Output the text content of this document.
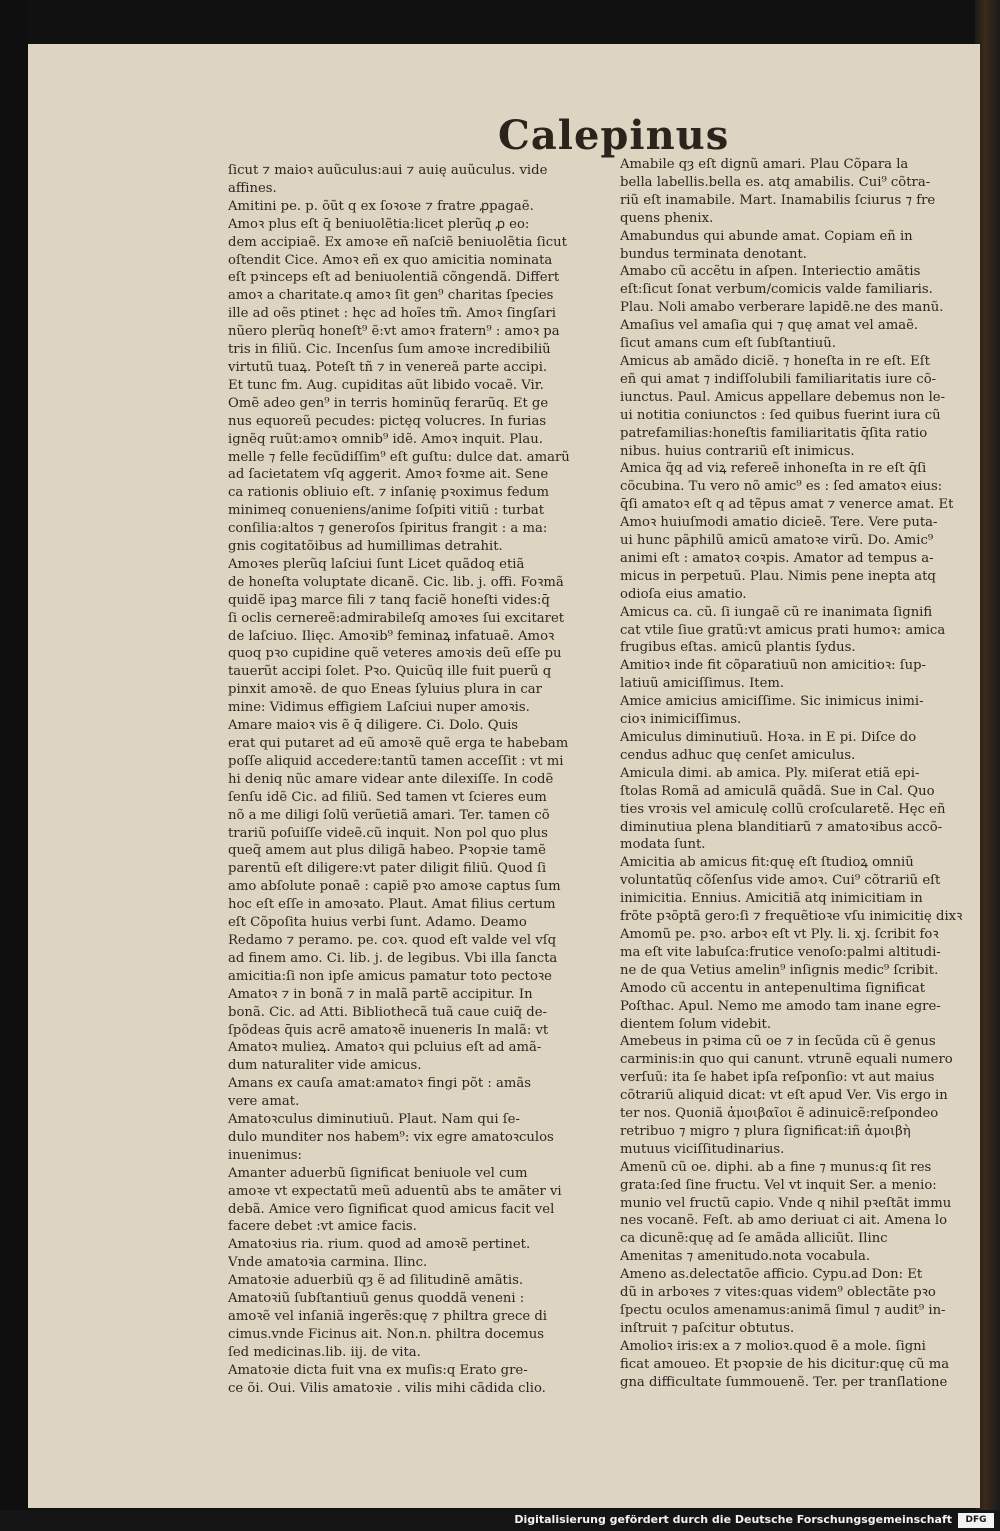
Calepinus
ſicut ⁊ maioꝛ auũculus:aui ⁊ auię auũculus. vide
affines.
Amitini pe. p. õũt q ex ſoꝛoꝛe ⁊ fratre ꝓpagaẽ.
Amoꝛ plus eſt q̄ beniuolẽtia:licet plerũq ꝓ eo:
dem accipiaẽ. Ex amoꝛe eñ naſciẽ beniuolẽtia ſicut
oſtendit Cice. Amoꝛ eñ ex quo amicitia nominata
eſt pꝛinceps eſt ad beniuolentiã cõngendã. Differt
amoꝛ a charitate.q amoꝛ ſit gen⁹ charitas ſpecies
ille ad oẽs ptinet : hęc ad hoĩes tm̃. Amoꝛ ſingſari
nũero plerũq honeſt⁹ ẽ:vt amoꝛ fratern⁹ : amoꝛ pa
tris in filiũ. Cic. Incenſus ſum amoꝛe incredibiliũ
virtutũ tuaꝝ. Poteſt tñ ⁊ in venereã parte accipi.
Et tunc fm. Aug. cupiditas aũt libido vocaẽ. Vir.
Omẽ adeo gen⁹ in terris hominũq ferarũq. Et ge
nus equoreũ pecudes: pictęq volucres. In furias
ignẽq ruũt:amoꝛ omnib⁹ idẽ. Amoꝛ inquit. Plau.
melle ⁊ felle fecũdiſſim⁹ eſt guſtu: dulce dat. amarũ
ad ſacietatem vſq aggerit. Amoꝛ foꝛme ait. Sene
ca rationis obliuio eſt. ⁊ inſanię pꝛoximus fedum
minimeq conueniens/anime ſoſpiti vitiũ : turbat
conſilia:altos ⁊ generoſos ſpiritus frangit : a ma:
gnis cogitatõibus ad humillimas detrahit.
Amoꝛes plerũq laſciui ſunt Licet quãdoq etiã
de honeſta voluptate dicanẽ. Cic. lib. j. offi. Foꝛmã
quidẽ ipaꝫ marce fili ⁊ tanq faciẽ honeſti vides:q̄
ſi oclis cernereẽ:admirabileſq amoꝛes ſui excitaret
de laſciuo. Ilięc. Amoꝛib⁹ feminaꝝ infatuaẽ. Amoꝛ
quoq pꝛo cupidine quẽ veteres amoꝛis deũ eſſe pu
tauerũt accipi ſolet. Pꝛo. Quicũq ille fuit puerũ q
pinxit amoꝛẽ. de quo Eneas ſyluius plura in car
mine: Vidimus effigiem Laſciui nuper amoꝛis.
Amare maioꝛ vis ẽ q̄ diligere. Ci. Dolo. Quis
erat qui putaret ad eũ amoꝛẽ quẽ erga te habebam
poſſe aliquid accedere:tantũ tamen acceſſit : vt mi
hi deniq nũc amare videar ante dilexiſſe. In codẽ
ſenſu idẽ Cic. ad filiũ. Sed tamen vt ſcieres eum
nõ a me diligi ſolũ verũetiã amari. Ter. tamen cõ
trariũ poſuiſſe videẽ.cũ inquit. Non pol quo plus
queq̃ amem aut plus diligã habeo. Pꝛopꝛie tamẽ
parentũ eſt diligere:vt pater diligit filiũ. Quod ſi
amo abſolute ponaẽ : capiẽ pꝛo amoꝛe captus ſum
hoc eſt eſſe in amoꝛato. Plaut. Amat filius certum
eſt Cõpoſita huius verbi ſunt. Adamo. Deamo
Redamo ⁊ peramo. pe. coꝛ. quod eſt valde vel vſq
ad finem amo. Ci. lib. j. de legibus. Vbi illa ſancta
amicitia:ſi non ipſe amicus pamatur toto pectoꝛe
Amatoꝛ ⁊ in bonã ⁊ in malã partẽ accipitur. In
bonã. Cic. ad Atti. Bibliothecã tuã caue cuiq̃ de-
ſpõdeas q̄uis acrẽ amatoꝛẽ inueneris In malã: vt
Amatoꝛ mulieꝝ. Amatoꝛ qui pcluius eſt ad amã-
dum naturaliter vide amicus.
Amans ex cauſa amat:amatoꝛ fingi põt : amãs
vere amat.
Amatoꝛculus diminutiuũ. Plaut. Nam qui ſe-
dulo munditer nos habem⁹: vix egre amatoꝛculos
inuenimus:
Amanter aduerbũ ſignificat beniuole vel cum
amoꝛe vt expectatũ meũ aduentũ abs te amãter vi
debã. Amice vero ſignificat quod amicus facit vel
facere debet :vt amice facis.
Amatoꝛius ria. rium. quod ad amoꝛẽ pertinet.
Vnde amatoꝛia carmina. Ilinc.
Amatoꝛie aduerbiũ qȝ ẽ ad ſilitudinẽ amãtis.
Amatoꝛiũ ſubſtantiuũ genus quoddã veneni :
amoꝛẽ vel inſaniã ingerẽs:quę ⁊ philtra grece di
cimus.vnde Ficinus ait. Non.n. philtra docemus
ſed medicinas.lib. iij. de vita.
Amatoꝛie dicta fuit vna ex muſis:q Erato gre-
ce õi. Oui. Vilis amatoꝛie . vilis mihi cãdida clio.
Amabile qȝ eſt dignũ amari. Plau Cõpara la
bella labellis.bella es. atq amabilis. Cui⁹ cõtra-
riũ eſt inamabile. Mart. Inamabilis ſciurus ⁊ fre
quens phenix.
Amabundus qui abunde amat. Copiam eñ in
bundus terminata denotant.
Amabo cũ accẽtu in aſpen. Interiectio amãtis
eſt:ſicut ſonat verbum/comicis valde familiaris.
Plau. Noli amabo verberare lapidẽ.ne des manũ.
Amaſius vel amaſia qui ⁊ quę amat vel amaẽ.
ſicut amans cum eſt ſubſtantiuũ.
Amicus ab amãdo diciẽ. ⁊ honeſta in re eſt. Eſt
eñ qui amat ⁊ indiſſolubili familiaritatis iure cõ-
iunctus. Paul. Amicus appellare debemus non le-
ui notitia coniunctos : ſed quibus fuerint iura cũ
patrefamilias:honeſtis familiaritatis q̄ſita ratio
nibus. huius contrariũ eſt inimicus.
Amica q̃q ad viꝝ refereẽ inhoneſta in re eſt q̄ſi
cõcubina. Tu vero nõ amic⁹ es : ſed amatoꝛ eius:
q̄ſi amatoꝛ eſt q ad tẽpus amat ⁊ venerce amat. Et
Amoꝛ huiuſmodi amatio dicieẽ. Tere. Vere puta-
ui hunc pãphilũ amicũ amatoꝛe virũ. Do. Amic⁹
animi eſt : amatoꝛ coꝛpis. Amator ad tempus a-
micus in perpetuũ. Plau. Nimis pene inepta atq
odioſa eius amatio.
Amicus ca. cũ. ſi iungaẽ cũ re inanimata ſignifi
cat vtile ſiue gratũ:vt amicus prati humoꝛ: amica
frugibus eſtas. amicũ plantis ſydus.
Amitioꝛ inde fit cõparatiuũ non amicitioꝛ: ſup-
latiuũ amiciſſimus. Item.
Amice amicius amiciſſime. Sic inimicus inimi-
cioꝛ inimiciſſimus.
Amiculus diminutiuũ. Hoꝛa. in E pi. Diſce do
cendus adhuc quę cenſet amiculus.
Amicula dimi. ab amica. Ply. miſerat etiã epi-
ſtolas Romã ad amiculã quãdã. Sue in Cal. Quo
ties vroꝛis vel amiculę collũ croſcularetẽ. Hęc eñ
diminutiua plena blanditiarũ ⁊ amatoꝛibus accõ-
modata ſunt.
Amicitia ab amicus fit:quę eſt ſtudioꝝ omniũ
voluntatũq cõſenſus vide amoꝛ. Cui⁹ cõtrariũ eſt
inimicitia. Ennius. Amicitiã atq inimicitiam in
frõte pꝛõptã gero:ſi ⁊ frequẽtioꝛe vſu inimicitię dixꝛ
Amomũ pe. pꝛo. arboꝛ eſt vt Ply. li. xj. ſcribit foꝛ
ma eſt vite labuſca:frutice venoſo:palmi altitudi-
ne de qua Vetius amelin⁹ inſignis medic⁹ ſcribit.
Amodo cũ accentu in antepenultima ſignificat
Poſthac. Apul. Nemo me amodo tam inane egre-
dientem ſolum videbit.
Amebeus in pꝛima cũ oe ⁊ in ſecũda cũ ẽ genus
carminis:in quo qui canunt. vtrunẽ equali numero
verſuũ: ita ſe habet ipſa reſponſio: vt aut maius
cõtrariũ aliquid dicat: vt eſt apud Ver. Vis ergo in
ter nos. Quoniã ἀμοιβαῖοι ẽ adinuicẽ:reſpondeo
retribuo ⁊ migro ⁊ plura ſignificat:iñ ἀμοιβὴ
mutuus viciſſitudinarius.
Amenũ cũ oe. diphi. ab a fine ⁊ munus:q ſit res
grata:ſed ſine fructu. Vel vt inquit Ser. a menio:
munio vel fructũ capio. Vnde q nihil pꝛeſtãt immu
nes vocanẽ. Feſt. ab amo deriuat ci ait. Amena lo
ca dicunẽ:quę ad ſe amãda alliciũt. Ilinc
Amenitas ⁊ amenitudo.nota vocabula.
Ameno as.delectatõe afficio. Cypu.ad Don: Et
dũ in arboꝛes ⁊ vites:quas videm⁹ oblectãte pꝛo
ſpectu oculos amenamus:animã ſimul ⁊ audit⁹ in-
inſtruit ⁊ paſcitur obtutus.
Amolioꝛ iris:ex a ⁊ molioꝛ.quod ẽ a mole. ſigni
ficat amoueo. Et pꝛopꝛie de his dicitur:quę cũ ma
gna difficultate ſummouenẽ. Ter. per tranſlatione
Digitalisierung gefördert durch die Deutsche Forschungsgemeinschaft	DFG
